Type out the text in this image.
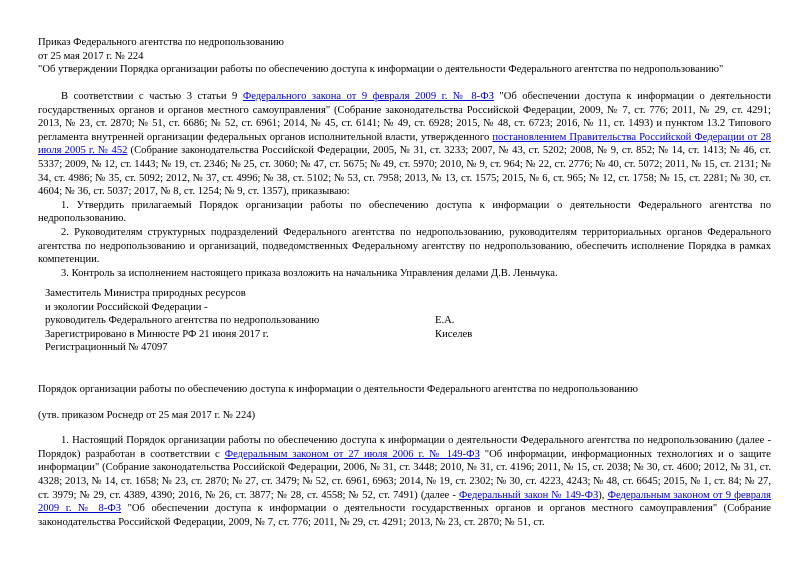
Приказ Федерального агентства по недропользованию

от 25 мая 2017 г. № 224

"Об утверждении Порядка организации работы по обеспечению доступа к информации о деятельности Федерального агентства по недропользованию"

В соответствии с частью 3 статьи 9 Федерального закона от 9 февраля 2009 г. № 8-ФЗ "Об обеспечении доступа к информации о деятельности государственных органов и органов местного самоуправления" (Собрание законодательства Российской Федерации, 2009, № 7, ст. 776; 2011, № 29, ст. 4291; 2013, № 23, ст. 2870; № 51, ст. 6686; № 52, ст. 6961; 2014, № 45, ст. 6141; № 49, ст. 6928; 2015, № 48, ст. 6723; 2016, № 11, ст. 1493) и пунктом 13.2 Типового регламента внутренней организации федеральных органов исполнительной власти, утвержденного постановлением Правительства Российской Федерации от 28 июля 2005 г. № 452 (Собрание законодательства Российской Федерации, 2005, № 31, ст. 3233; 2007, № 43, ст. 5202; 2008, № 9, ст. 852; № 14, ст. 1413; № 46, ст. 5337; 2009, № 12, ст. 1443; № 19, ст. 2346; № 25, ст. 3060; № 47, ст. 5675; № 49, ст. 5970; 2010, № 9, ст. 964; № 22, ст. 2776; № 40, ст. 5072; 2011, № 15, ст. 2131; № 34, ст. 4986; № 35, ст. 5092; 2012, № 37, ст. 4996; № 38, ст. 5102; № 53, ст. 7958; 2013, № 13, ст. 1575; 2015, № 6, ст. 965; № 12, ст. 1758; № 15, ст. 2281; № 30, ст. 4604; № 36, ст. 5037; 2017, № 8, ст. 1254; № 9, ст. 1357), приказываю:

1. Утвердить прилагаемый Порядок организации работы по обеспечению доступа к информации о деятельности Федерального агентства по недропользованию.

2. Руководителям структурных подразделений Федерального агентства по недропользованию, руководителям территориальных органов Федерального агентства по недропользованию и организаций, подведомственных Федеральному агентству по недропользованию, обеспечить исполнение Порядка в рамках компетенции.

3. Контроль за исполнением настоящего приказа возложить на начальника Управления делами Д.В. Леньчука.

Заместитель Министра природных ресурсов

и экологии Российской Федерации -

руководитель Федерального агентства по недропользованию

Зарегистрировано в Минюсте РФ 21 июня 2017 г.

Регистрационный № 47097

Е.А. Киселев

Порядок организации работы по обеспечению доступа к информации о деятельности Федерального агентства по недропользованию

(утв. приказом Роснедр от 25 мая 2017 г. № 224)

1. Настоящий Порядок организации работы по обеспечению доступа к информации о деятельности Федерального агентства по недропользованию (далее - Порядок) разработан в соответствии с Федеральным законом от 27 июля 2006 г. № 149-ФЗ "Об информации, информационных технологиях и о защите информации" (Собрание законодательства Российской Федерации, 2006, № 31, ст. 3448; 2010, № 31, ст. 4196; 2011, № 15, ст. 2038; № 30, ст. 4600; 2012, № 31, ст. 4328; 2013, № 14, ст. 1658; № 23, ст. 2870; № 27, ст. 3479; № 52, ст. 6961, 6963; 2014, № 19, ст. 2302; № 30, ст. 4223, 4243; № 48, ст. 6645; 2015, № 1, ст. 84; № 27, ст. 3979; № 29, ст. 4389, 4390; 2016, № 26, ст. 3877; № 28, ст. 4558; № 52, ст. 7491) (далее - Федеральный закон № 149-ФЗ), Федеральным законом от 9 февраля 2009 г. № 8-ФЗ "Об обеспечении доступа к информации о деятельности государственных органов и органов местного самоуправления" (Собрание законодательства Российской Федерации, 2009, № 7, ст. 776; 2011, № 29, ст. 4291; 2013, № 23, ст. 2870; № 51, ст.
